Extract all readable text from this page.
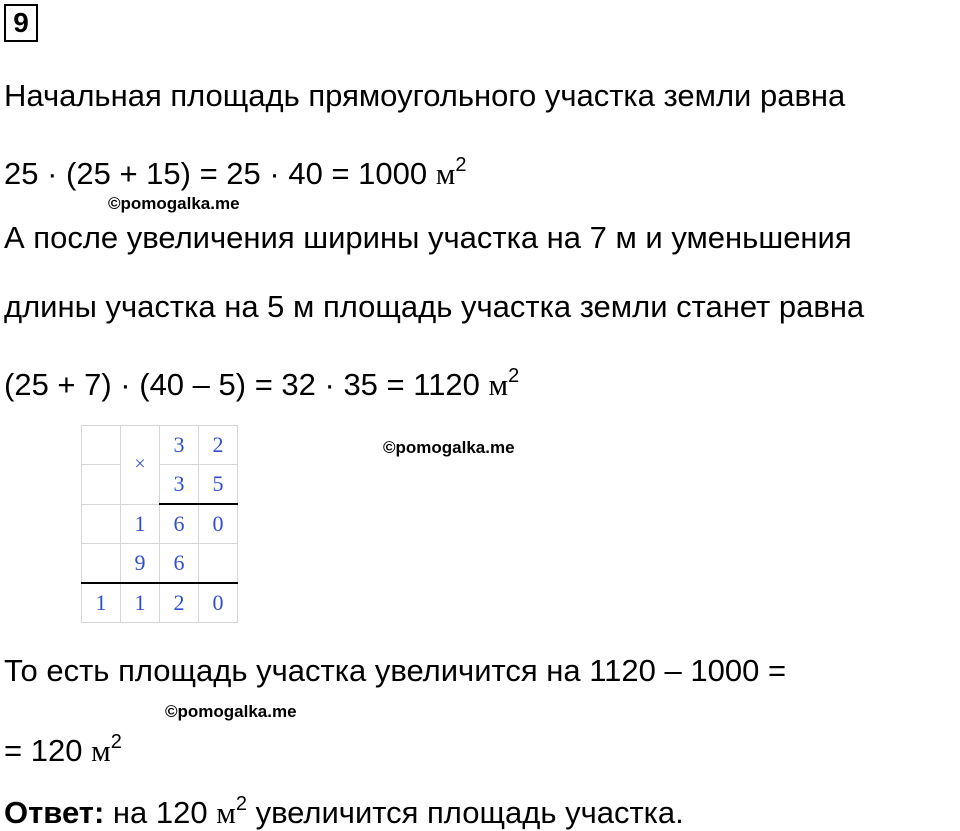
9
Начальная площадь прямоугольного участка земли равна
25 · (25 + 15) = 25 · 40 = 1000 $м^2$
©pomogalka.me
А после увеличения ширины участка на 7 м и уменьшения
длины участка на 5 м площадь участка земли станет равна
(25 + 7) · (40 – 5) = 32 · 35 = 1120 $м^2$
	×	3	2
		3	5
	1	6	0
	9	6	
1	1	2	0
©pomogalka.me
То есть площадь участка увеличится на 1120 – 1000 =
©pomogalka.me
= 120 $м^2$
Ответ: на 120 $м^2$ увеличится площадь участка.
